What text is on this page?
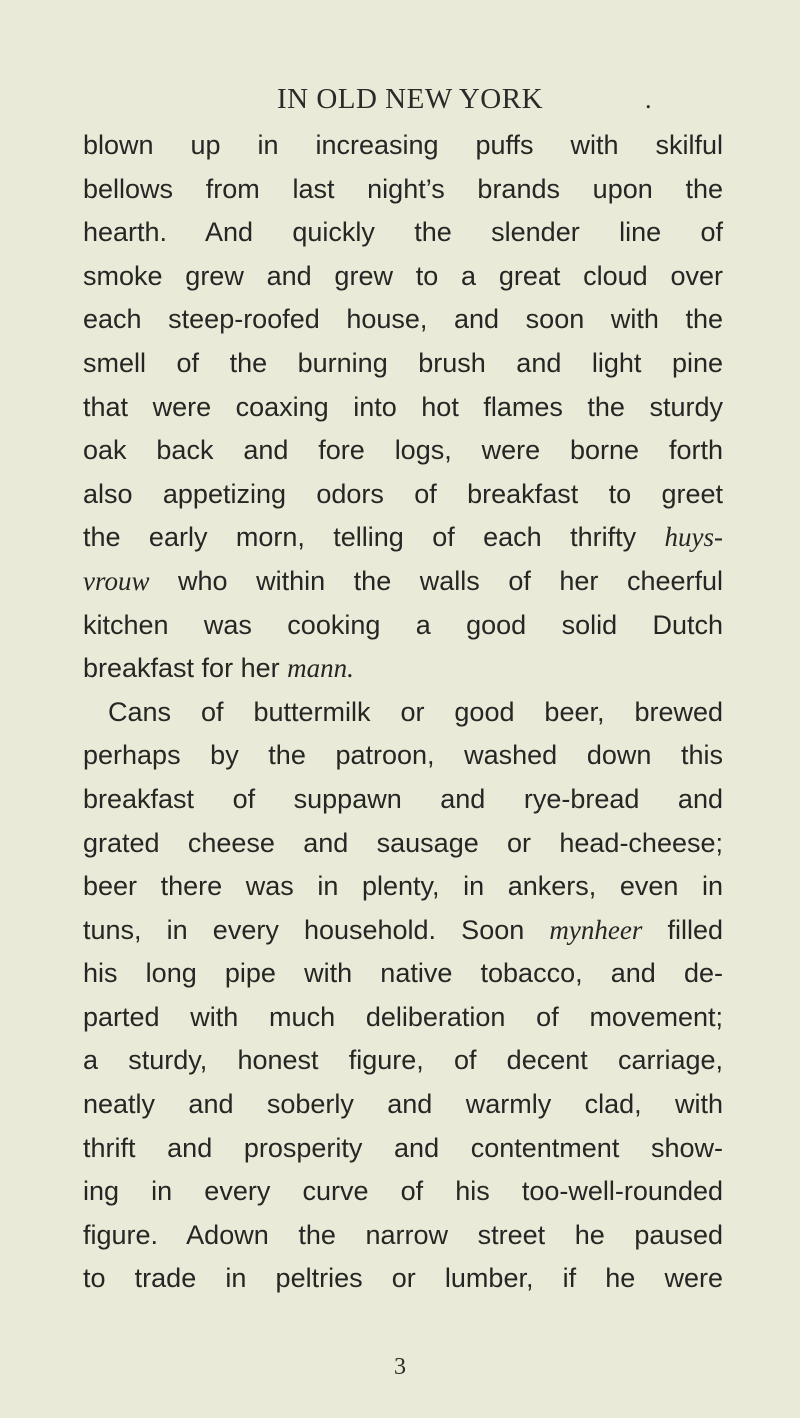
IN OLD NEW YORK	.
blown up in increasing puffs with skilful
bellows from last night’s brands upon the
hearth. And quickly the slender line of
smoke grew and grew to a great cloud over
each steep-roofed house, and soon with the
smell of the burning brush and light pine
that were coaxing into hot flames the sturdy
oak back and fore logs, were borne forth
also appetizing odors of breakfast to greet
the early morn, telling of each thrifty huys-
vrouw who within the walls of her cheerful
kitchen was cooking a good solid Dutch
breakfast for her mann.
Cans of buttermilk or good beer, brewed
perhaps by the patroon, washed down this
breakfast of suppawn and rye-bread and
grated cheese and sausage or head-cheese;
beer there was in plenty, in ankers, even in
tuns, in every household. Soon mynheer filled
his long pipe with native tobacco, and de-
parted with much deliberation of movement;
a sturdy, honest figure, of decent carriage,
neatly and soberly and warmly clad, with
thrift and prosperity and contentment show-
ing in every curve of his too-well-rounded
figure. Adown the narrow street he paused
to trade in peltries or lumber, if he were
3
